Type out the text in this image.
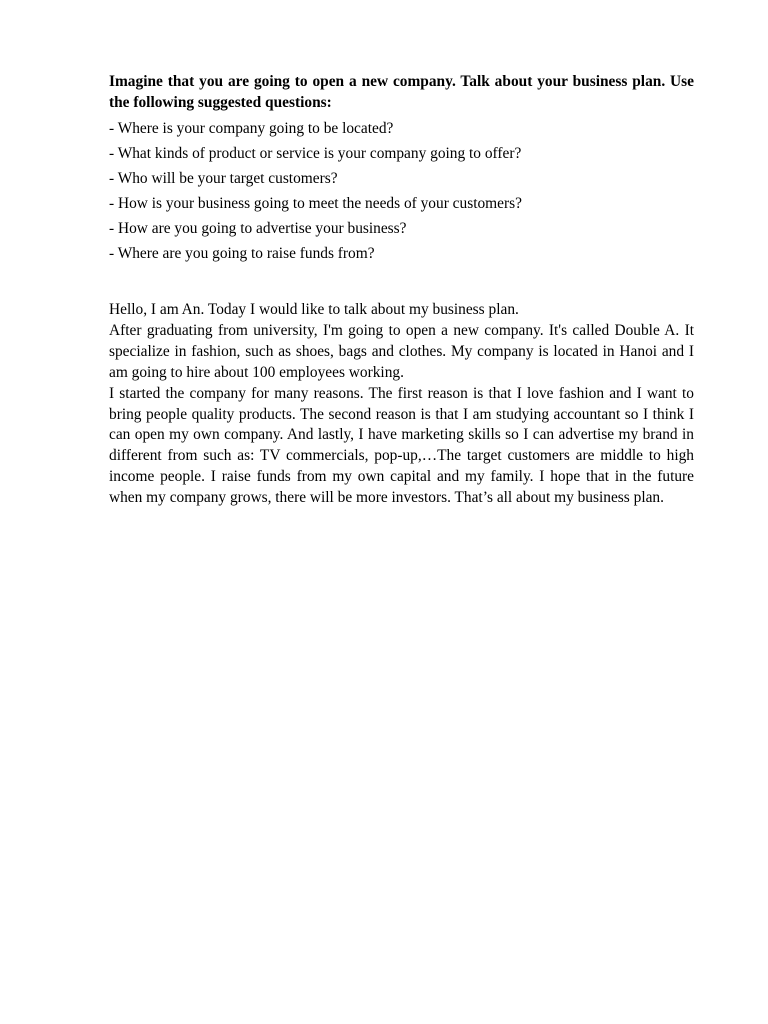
Imagine that you are going to open a new company. Talk about your business plan. Use the following suggested questions:

- Where is your company going to be located?
- What kinds of product or service is your company going to offer?
- Who will be your target customers?
- How is your business going to meet the needs of your customers?
- How are you going to advertise your business?
- Where are you going to raise funds from?

Hello, I am An. Today I would like to talk about my business plan.

After graduating from university, I'm going to open a new company. It's called Double A. It specialize in fashion, such as shoes, bags and clothes. My company is located in Hanoi and I am going to hire about 100 employees working.

I started the company for many reasons. The first reason is that I love fashion and I want to bring people quality products. The second reason is that I am studying accountant so I think I can open my own company. And lastly, I have marketing skills so I can advertise my brand in different from such as: TV commercials, pop-up,…The target customers are middle to high income people. I raise funds from my own capital and my family. I hope that in the future when my company grows, there will be more investors. That’s all about my business plan.
